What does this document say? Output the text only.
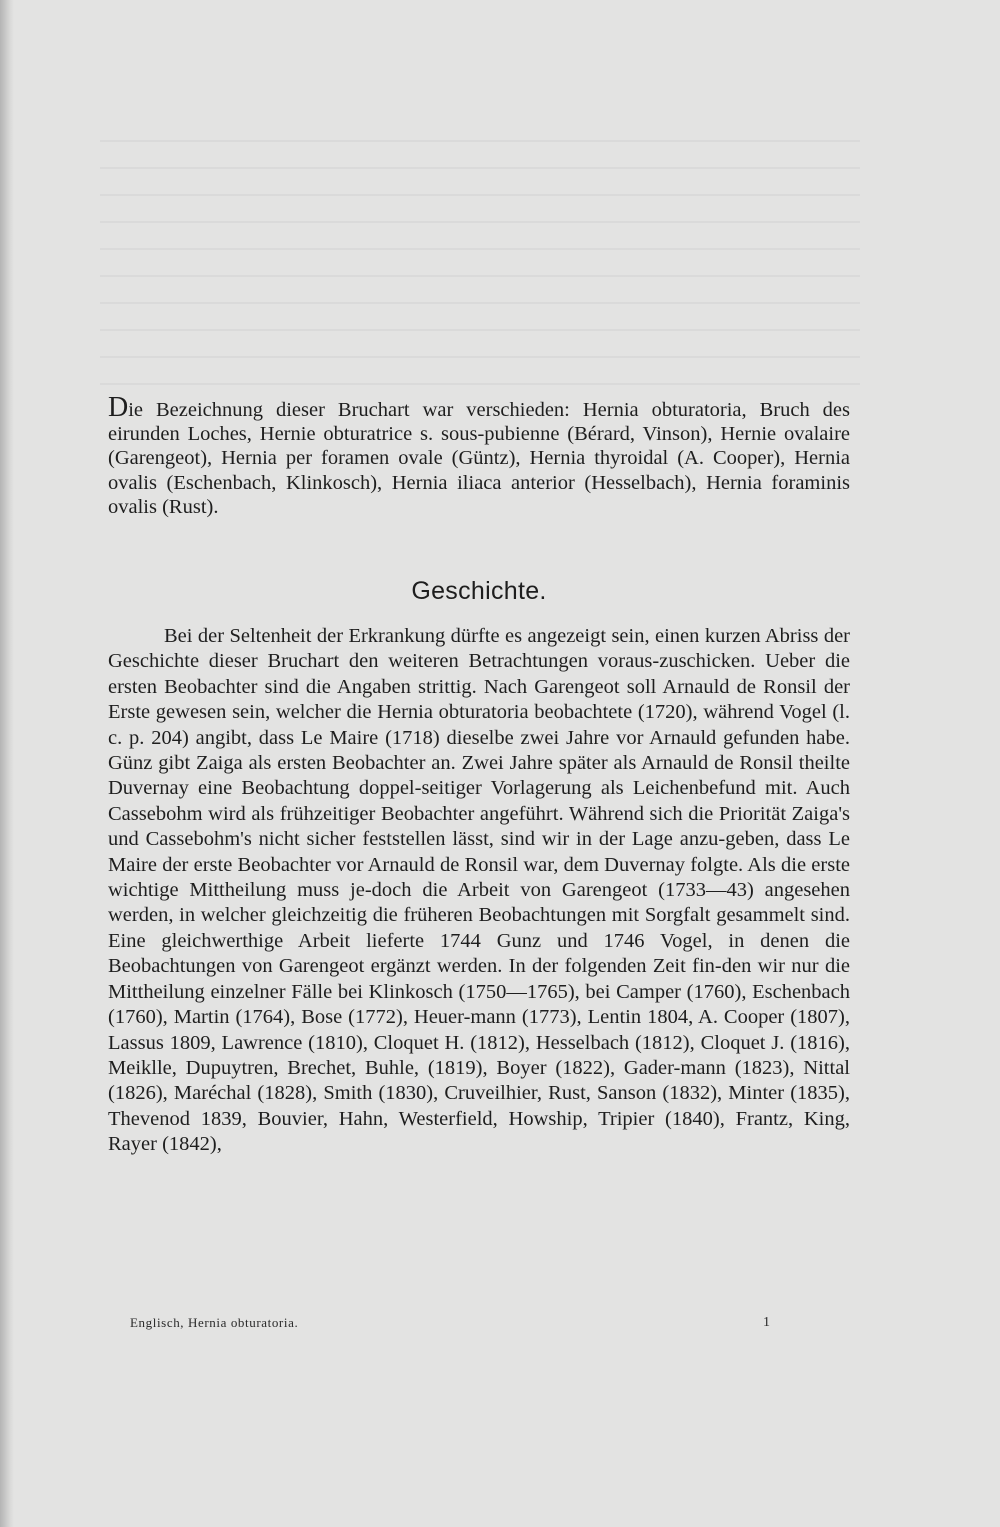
Die Bezeichnung dieser Bruchart war verschieden: Hernia obturatoria, Bruch des eirunden Loches, Hernie obturatrice s. sous-pubienne (Bérard, Vinson), Hernie ovalaire (Garengeot), Hernia per foramen ovale (Güntz), Hernia thyroidal (A. Cooper), Hernia ovalis (Eschenbach, Klinkosch), Hernia iliaca anterior (Hesselbach), Hernia foraminis ovalis (Rust).

Geschichte.

Bei der Seltenheit der Erkrankung dürfte es angezeigt sein, einen kurzen Abriss der Geschichte dieser Bruchart den weiteren Betrachtungen voraus-zuschicken. Ueber die ersten Beobachter sind die Angaben strittig. Nach Garengeot soll Arnauld de Ronsil der Erste gewesen sein, welcher die Hernia obturatoria beobachtete (1720), während Vogel (l. c. p. 204) angibt, dass Le Maire (1718) dieselbe zwei Jahre vor Arnauld gefunden habe. Günz gibt Zaiga als ersten Beobachter an. Zwei Jahre später als Arnauld de Ronsil theilte Duvernay eine Beobachtung doppel-seitiger Vorlagerung als Leichenbefund mit. Auch Cassebohm wird als frühzeitiger Beobachter angeführt. Während sich die Priorität Zaiga's und Cassebohm's nicht sicher feststellen lässt, sind wir in der Lage anzu-geben, dass Le Maire der erste Beobachter vor Arnauld de Ronsil war, dem Duvernay folgte. Als die erste wichtige Mittheilung muss je-doch die Arbeit von Garengeot (1733—43) angesehen werden, in welcher gleichzeitig die früheren Beobachtungen mit Sorgfalt gesammelt sind. Eine gleichwerthige Arbeit lieferte 1744 Gunz und 1746 Vogel, in denen die Beobachtungen von Garengeot ergänzt werden. In der folgenden Zeit fin-den wir nur die Mittheilung einzelner Fälle bei Klinkosch (1750—1765), bei Camper (1760), Eschenbach (1760), Martin (1764), Bose (1772), Heuer-mann (1773), Lentin 1804, A. Cooper (1807), Lassus 1809, Lawrence (1810), Cloquet H. (1812), Hesselbach (1812), Cloquet J. (1816), Meiklle, Dupuytren, Brechet, Buhle, (1819), Boyer (1822), Gader-mann (1823), Nittal (1826), Maréchal (1828), Smith (1830), Cruveilhier, Rust, Sanson (1832), Minter (1835), Thevenod 1839, Bouvier, Hahn, Westerfield, Howship, Tripier (1840), Frantz, King, Rayer (1842),

Englisch, Hernia obturatoria.	1
